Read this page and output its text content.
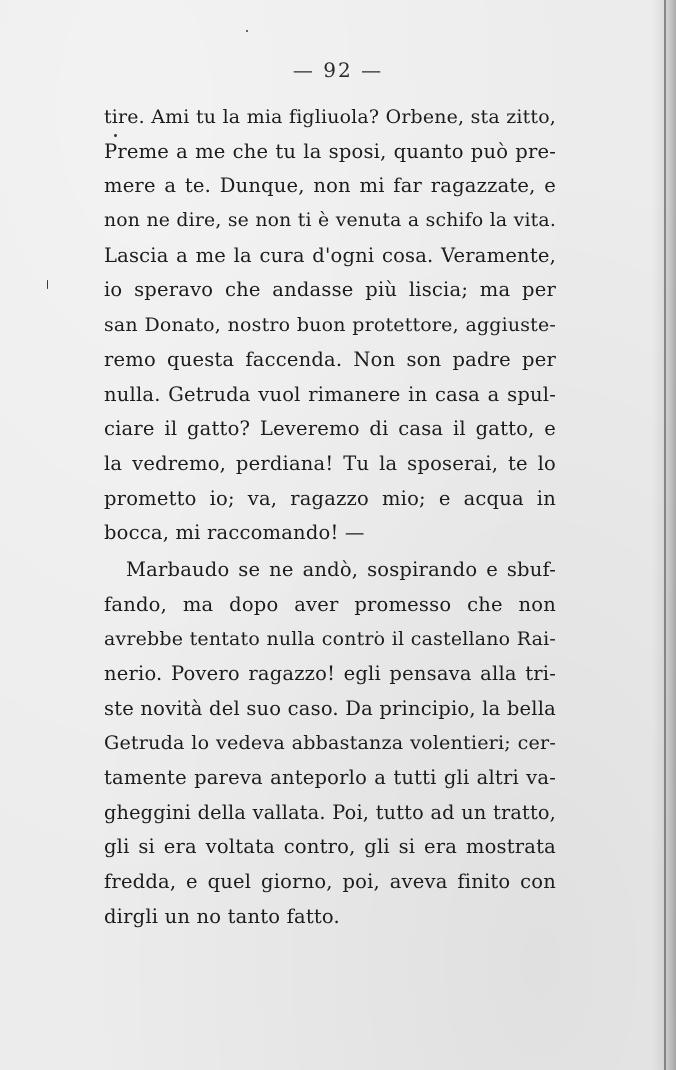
— 92 —
tire. Ami tu la mia figliuola? Orbene, sta zitto,
Preme a me che tu la sposi, quanto può pre-
mere a te. Dunque, non mi far ragazzate, e
non ne dire, se non ti è venuta a schifo la vita.
Lascia a me la cura d'ogni cosa. Veramente,
io speravo che andasse più liscia; ma per
san Donato, nostro buon protettore, aggiuste-
remo questa faccenda. Non son padre per
nulla. Getruda vuol rimanere in casa a spul-
ciare il gatto? Leveremo di casa il gatto, e
la vedremo, perdiana! Tu la sposerai, te lo
prometto io; va, ragazzo mio; e acqua in
bocca, mi raccomando! —
Marbaudo se ne andò, sospirando e sbuf-
fando, ma dopo aver promesso che non
avrebbe tentato nulla contro il castellano Rai-
nerio. Povero ragazzo! egli pensava alla tri-
ste novità del suo caso. Da principio, la bella
Getruda lo vedeva abbastanza volentieri; cer-
tamente pareva anteporlo a tutti gli altri va-
gheggini della vallata. Poi, tutto ad un tratto,
gli si era voltata contro, gli si era mostrata
fredda, e quel giorno, poi, aveva finito con
dirgli un no tanto fatto.
